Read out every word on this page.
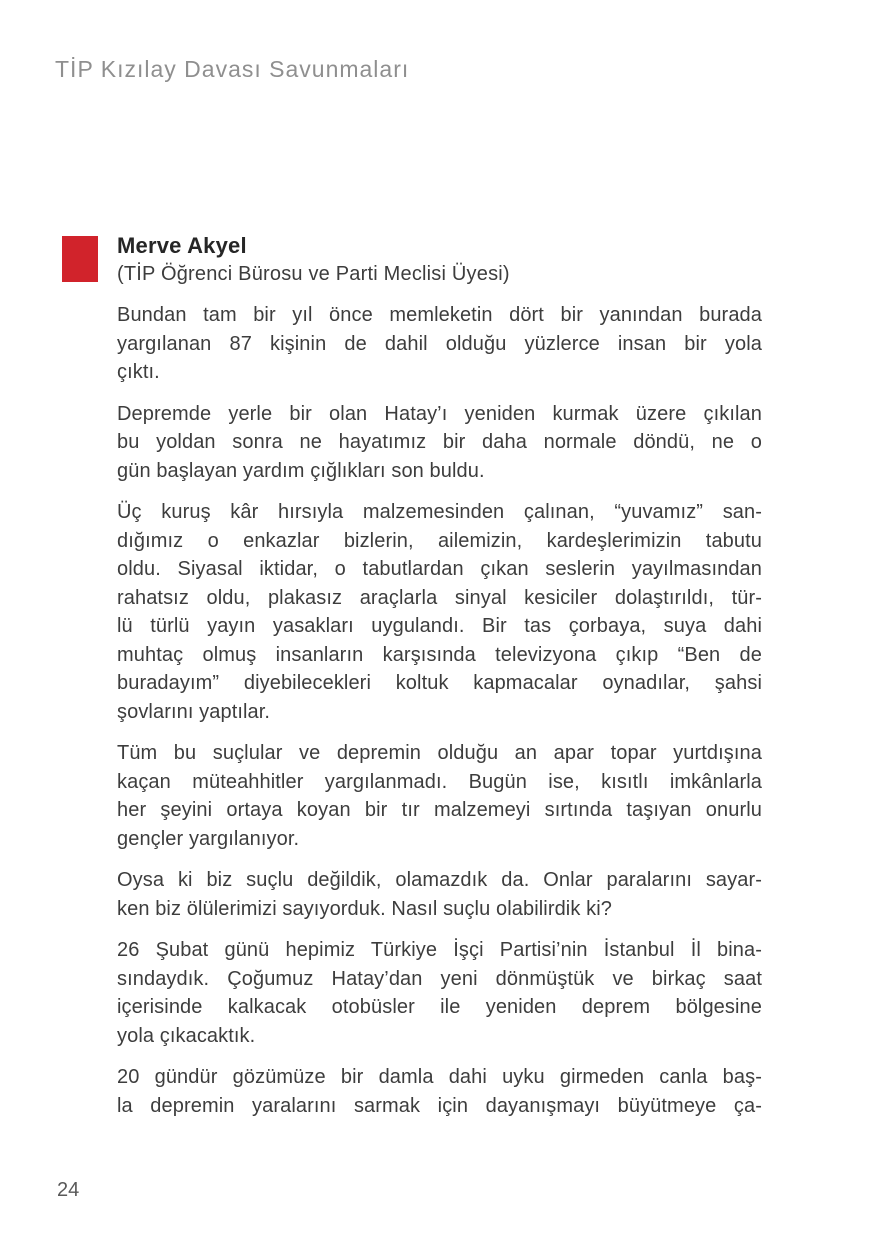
TİP Kızılay Davası Savunmaları
Merve Akyel
(TİP Öğrenci Bürosu ve Parti Meclisi Üyesi)
Bundan tam bir yıl önce memleketin dört bir yanından burada
yargılanan 87 kişinin de dahil olduğu yüzlerce insan bir yola
çıktı.
Depremde yerle bir olan Hatay’ı yeniden kurmak üzere çıkılan
bu yoldan sonra ne hayatımız bir daha normale döndü, ne o
gün başlayan yardım çığlıkları son buldu.
Üç kuruş kâr hırsıyla malzemesinden çalınan, “yuvamız” san-
dığımız o enkazlar bizlerin, ailemizin, kardeşlerimizin tabutu
oldu. Siyasal iktidar, o tabutlardan çıkan seslerin yayılmasından
rahatsız oldu, plakasız araçlarla sinyal kesiciler dolaştırıldı, tür-
lü türlü yayın yasakları uygulandı. Bir tas çorbaya, suya dahi
muhtaç olmuş insanların karşısında televizyona çıkıp “Ben de
buradayım” diyebilecekleri koltuk kapmacalar oynadılar, şahsi
şovlarını yaptılar.
Tüm bu suçlular ve depremin olduğu an apar topar yurtdışına
kaçan müteahhitler yargılanmadı. Bugün ise, kısıtlı imkânlarla
her şeyini ortaya koyan bir tır malzemeyi sırtında taşıyan onurlu
gençler yargılanıyor.
Oysa ki biz suçlu değildik, olamazdık da. Onlar paralarını sayar-
ken biz ölülerimizi sayıyorduk. Nasıl suçlu olabilirdik ki?
26 Şubat günü hepimiz Türkiye İşçi Partisi’nin İstanbul İl bina-
sındaydık. Çoğumuz Hatay’dan yeni dönmüştük ve birkaç saat
içerisinde kalkacak otobüsler ile yeniden deprem bölgesine
yola çıkacaktık.
20 gündür gözümüze bir damla dahi uyku girmeden canla baş-
la depremin yaralarını sarmak için dayanışmayı büyütmeye ça-
24
